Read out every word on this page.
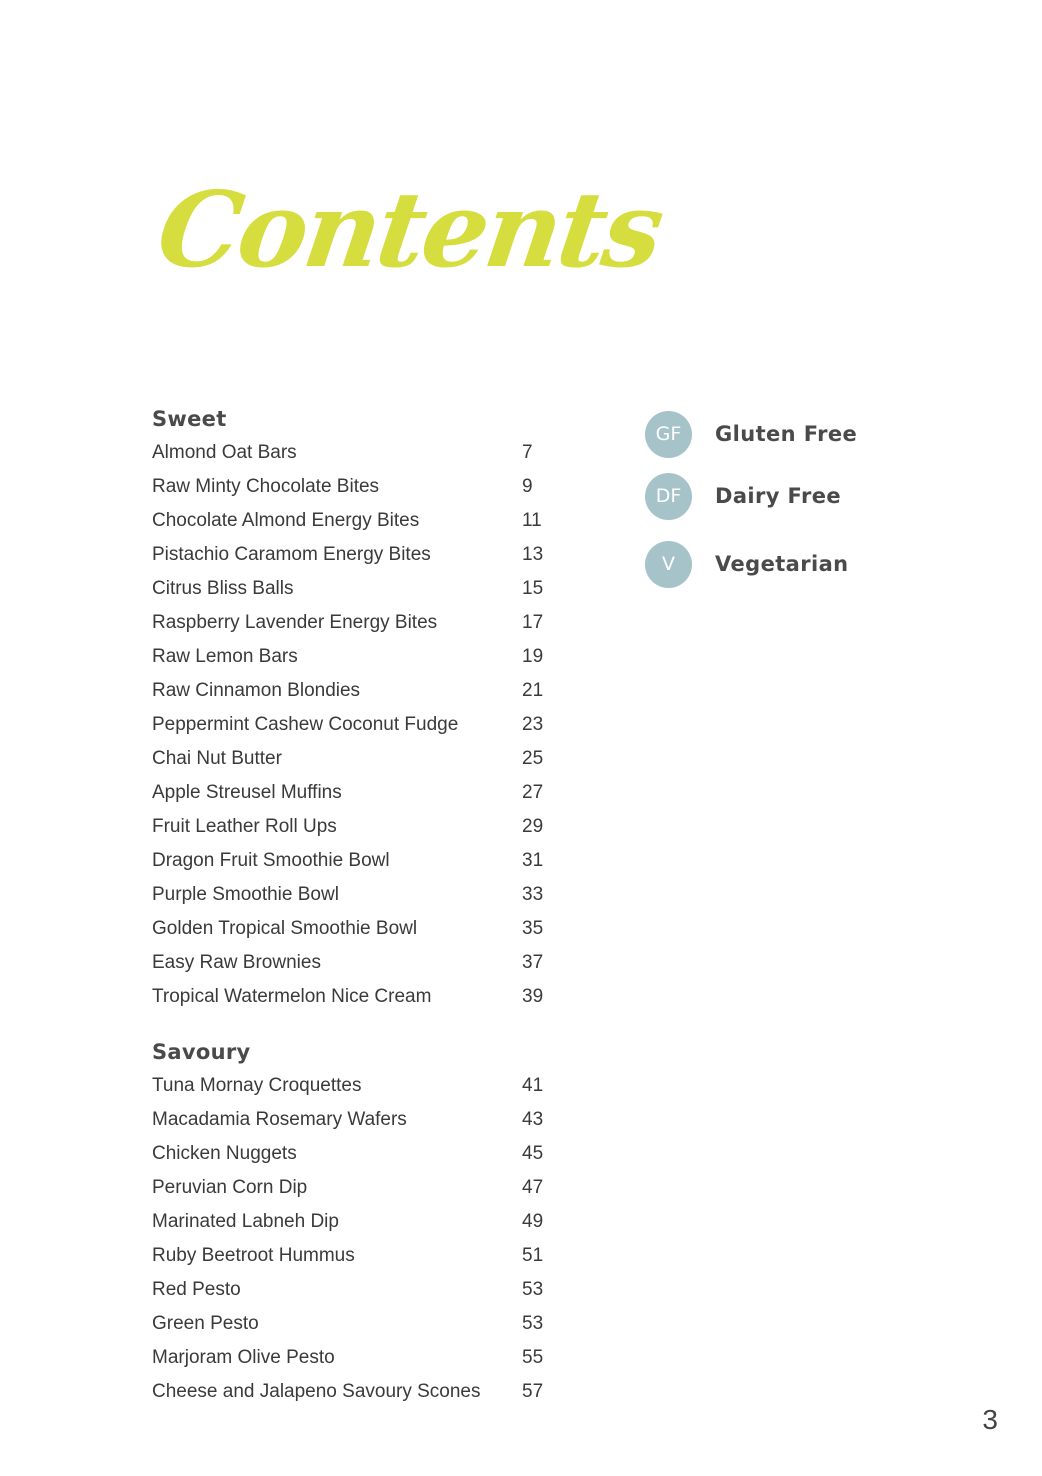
Contents
Sweet
Almond Oat Bars	7
Raw Minty Chocolate Bites	9
Chocolate Almond Energy Bites	11
Pistachio Caramom Energy Bites	13
Citrus Bliss Balls	15
Raspberry Lavender Energy Bites	17
Raw Lemon Bars	19
Raw Cinnamon Blondies	21
Peppermint Cashew Coconut Fudge	23
Chai Nut Butter	25
Apple Streusel Muffins	27
Fruit Leather Roll Ups	29
Dragon Fruit Smoothie Bowl	31
Purple Smoothie Bowl	33
Golden Tropical Smoothie Bowl	35
Easy Raw Brownies	37
Tropical Watermelon Nice Cream	39
Savoury
Tuna Mornay Croquettes	41
Macadamia Rosemary Wafers	43
Chicken Nuggets	45
Peruvian Corn Dip	47
Marinated Labneh Dip	49
Ruby Beetroot Hummus	51
Red Pesto	53
Green Pesto	53
Marjoram Olive Pesto	55
Cheese and Jalapeno Savoury Scones 57
GF	Gluten Free
DF	Dairy Free
V	Vegetarian
3
